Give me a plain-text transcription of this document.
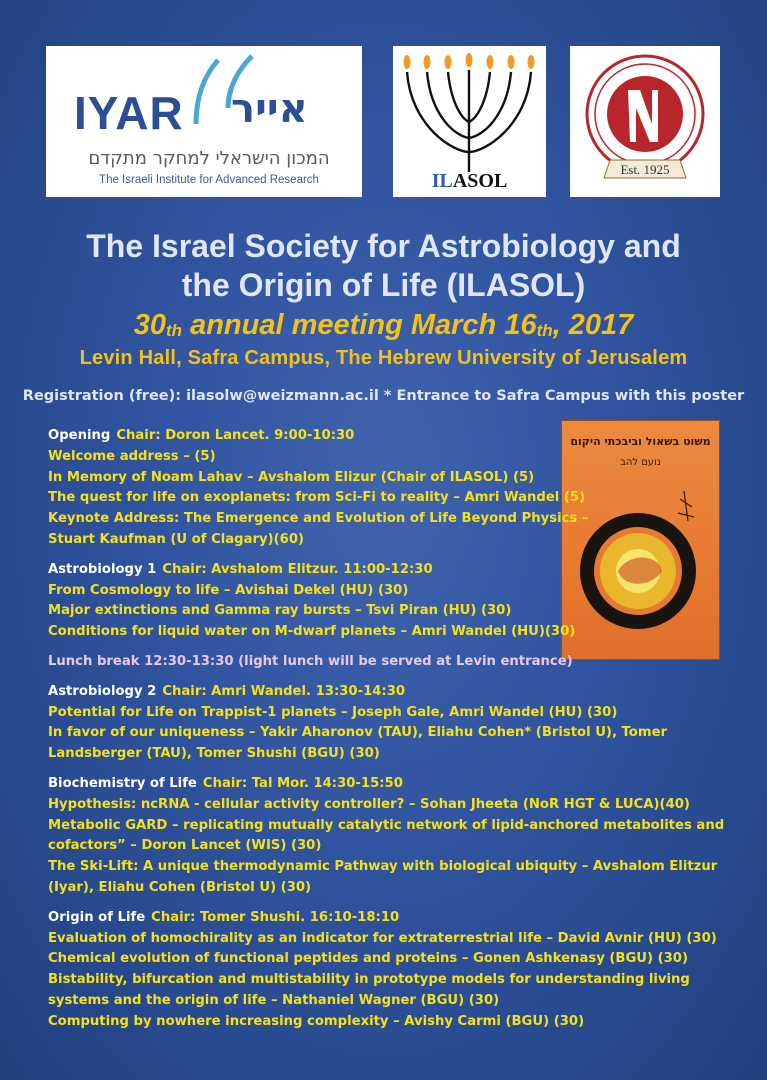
IYAR אייר
המכון הישראלי למחקר מתקדם
The Israeli Institute for Advanced Research	ILASOL
Est. 1925
The Israel Society for Astrobiology and
the Origin of Life (ILASOL)
$30_{th}$ annual meeting March $16_{th}$, 2017
Levin Hall, Safra Campus, The Hebrew University of Jerusalem
Registration (free): ilasolw@weizmann.ac.il * Entrance to Safra Campus with this poster
משוט בשאול וביבכתי היקום
נועם להב
Opening Chair: Doron Lancet. 9:00-10:30
Welcome address – (5)
In Memory of Noam Lahav – Avshalom Elizur (Chair of ILASOL) (5)
The quest for life on exoplanets: from Sci-Fi to reality – Amri Wandel (5)
Keynote Address: The Emergence and Evolution of Life Beyond Physics –
Stuart Kaufman (U of Clagary)(60)
Astrobiology 1 Chair: Avshalom Elitzur. 11:00-12:30
From Cosmology to life – Avishai Dekel (HU) (30)
Major extinctions and Gamma ray bursts – Tsvi Piran (HU) (30)
Conditions for liquid water on M-dwarf planets – Amri Wandel (HU)(30)
Lunch break 12:30-13:30 (light lunch will be served at Levin entrance)
Astrobiology 2 Chair: Amri Wandel. 13:30-14:30
Potential for Life on Trappist-1 planets – Joseph Gale, Amri Wandel (HU) (30)
In favor of our uniqueness – Yakir Aharonov (TAU), Eliahu Cohen* (Bristol U), Tomer Landsberger (TAU), Tomer Shushi (BGU) (30)
Biochemistry of Life Chair: Tal Mor. 14:30-15:50
Hypothesis: ncRNA - cellular activity controller? – Sohan Jheeta (NoR HGT & LUCA)(40)
Metabolic GARD – replicating mutually catalytic network of lipid-anchored metabolites and cofactors” – Doron Lancet (WIS) (30)
The Ski-Lift: A unique thermodynamic Pathway with biological ubiquity – Avshalom Elitzur (Iyar), Eliahu Cohen (Bristol U) (30)
Origin of Life Chair: Tomer Shushi. 16:10-18:10
Evaluation of homochirality as an indicator for extraterrestrial life – David Avnir (HU) (30)
Chemical evolution of functional peptides and proteins – Gonen Ashkenasy (BGU) (30)
Bistability, bifurcation and multistability in prototype models for understanding living systems and the origin of life – Nathaniel Wagner (BGU) (30)
Computing by nowhere increasing complexity – Avishy Carmi (BGU) (30)
